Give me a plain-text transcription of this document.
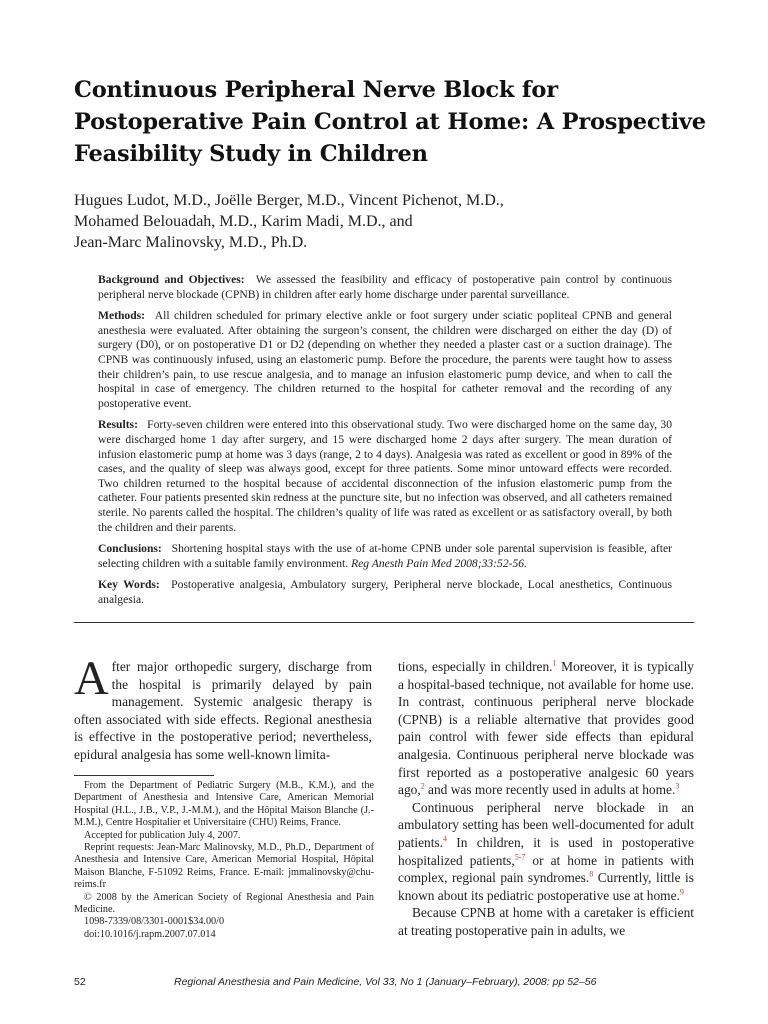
Continuous Peripheral Nerve Block for
Postoperative Pain Control at Home: A Prospective
Feasibility Study in Children
Hugues Ludot, M.D., Joëlle Berger, M.D., Vincent Pichenot, M.D.,
Mohamed Belouadah, M.D., Karim Madi, M.D., and
Jean-Marc Malinovsky, M.D., Ph.D.

Background and Objectives: We assessed the feasibility and efficacy of postoperative pain control by continuous peripheral nerve blockade (CPNB) in children after early home discharge under parental surveillance.

Methods: All children scheduled for primary elective ankle or foot surgery under sciatic popliteal CPNB and general anesthesia were evaluated. After obtaining the surgeon’s consent, the children were discharged on either the day (D) of surgery (D0), or on postoperative D1 or D2 (depending on whether they needed a plaster cast or a suction drainage). The CPNB was continuously infused, using an elastomeric pump. Before the procedure, the parents were taught how to assess their children’s pain, to use rescue analgesia, and to manage an infusion elastomeric pump device, and when to call the hospital in case of emergency. The children returned to the hospital for catheter removal and the recording of any postoperative event.

Results: Forty-seven children were entered into this observational study. Two were discharged home on the same day, 30 were discharged home 1 day after surgery, and 15 were discharged home 2 days after surgery. The mean duration of infusion elastomeric pump at home was 3 days (range, 2 to 4 days). Analgesia was rated as excellent or good in 89% of the cases, and the quality of sleep was always good, except for three patients. Some minor untoward effects were recorded. Two children returned to the hospital because of accidental disconnection of the infusion elastomeric pump from the catheter. Four patients presented skin redness at the puncture site, but no infection was observed, and all catheters remained sterile. No parents called the hospital. The children’s quality of life was rated as excellent or as satisfactory overall, by both the children and their parents.

Conclusions: Shortening hospital stays with the use of at-home CPNB under sole parental supervision is feasible, after selecting children with a suitable family environment. Reg Anesth Pain Med 2008;33:52-56.

Key Words: Postoperative analgesia, Ambulatory surgery, Peripheral nerve blockade, Local anesthetics, Continuous analgesia.

After major orthopedic surgery, discharge from the hospital is primarily delayed by pain management. Systemic analgesic therapy is often associated with side effects. Regional anesthesia is effective in the postoperative period; nevertheless, epidural analgesia has some well-known limita-

From the Department of Pediatric Surgery (M.B., K.M.), and the Department of Anesthesia and Intensive Care, American Memorial Hospital (H.L., J.B., V.P., J.-M.M.), and the Hôpital Maison Blanche (J.-M.M.), Centre Hospitalier et Universitaire (CHU) Reims, France.

Accepted for publication July 4, 2007.

Reprint requests: Jean-Marc Malinovsky, M.D., Ph.D., Department of Anesthesia and Intensive Care, American Memorial Hospital, Hôpital Maison Blanche, F-51092 Reims, France. E-mail: jmmalinovsky@chu-reims.fr

© 2008 by the American Society of Regional Anesthesia and Pain Medicine.

1098-7339/08/3301-0001$34.00/0

doi:10.1016/j.rapm.2007.07.014

tions, especially in children.$^1$ Moreover, it is typically a hospital-based technique, not available for home use. In contrast, continuous peripheral nerve blockade (CPNB) is a reliable alternative that provides good pain control with fewer side effects than epidural analgesia. Continuous peripheral nerve blockade was first reported as a postoperative analgesic 60 years ago,$^2$ and was more recently used in adults at home.$^3$

Continuous peripheral nerve blockade in an ambulatory setting has been well-documented for adult patients.$^4$ In children, it is used in postoperative hospitalized patients,$^{5-7}$ or at home in patients with complex, regional pain syndromes.$^8$ Currently, little is known about its pediatric postoperative use at home.$^9$

Because CPNB at home with a caretaker is efficient at treating postoperative pain in adults, we

52	Regional Anesthesia and Pain Medicine, Vol 33, No 1 (January–February), 2008: pp 52–56
